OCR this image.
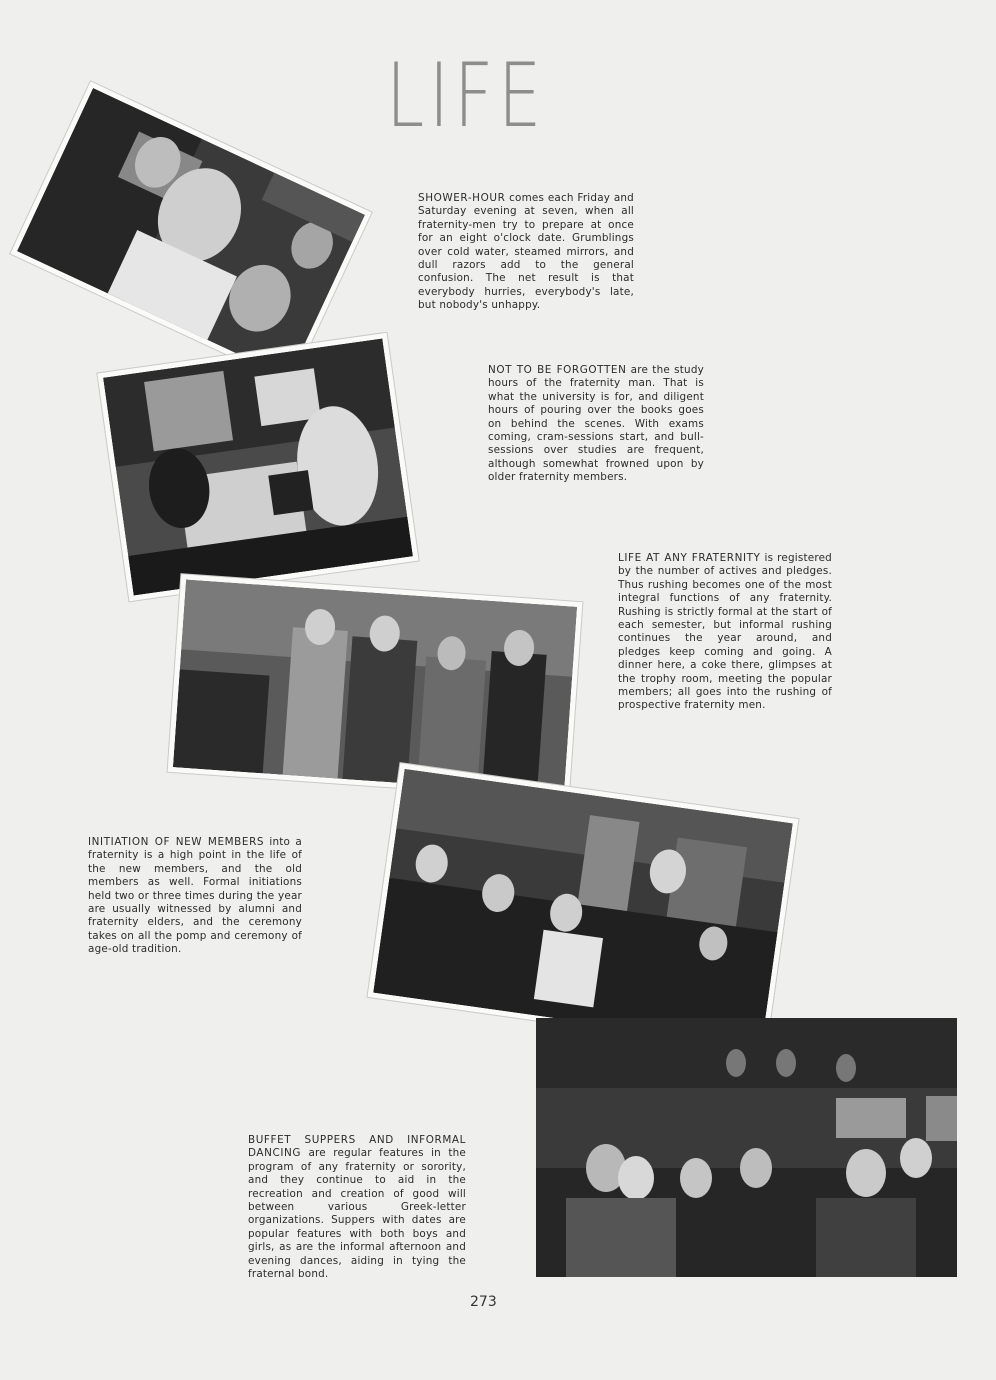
LIFE
SHOWER-HOUR comes each Friday and Saturday evening at seven, when all fraternity-men try to prepare at once for an eight o'clock date. Grumblings over cold water, steamed mirrors, and dull razors add to the general confusion. The net result is that everybody hurries, everybody's late, but nobody's unhappy.
NOT TO BE FORGOTTEN are the study hours of the fraternity man. That is what the university is for, and diligent hours of pouring over the books goes on behind the scenes. With exams coming, cram-sessions start, and bull-sessions over studies are frequent, although somewhat frowned upon by older fraternity members.
LIFE AT ANY FRATERNITY is registered by the number of actives and pledges. Thus rushing becomes one of the most integral functions of any fraternity. Rushing is strictly formal at the start of each semester, but informal rushing continues the year around, and pledges keep coming and going. A dinner here, a coke there, glimpses at the trophy room, meeting the popular members; all goes into the rushing of prospective fraternity men.
INITIATION OF NEW MEMBERS into a fraternity is a high point in the life of the new members, and the old members as well. Formal initiations held two or three times during the year are usually witnessed by alumni and fraternity elders, and the ceremony takes on all the pomp and ceremony of age-old tradition.
BUFFET SUPPERS AND INFORMAL DANCING are regular features in the program of any fraternity or sorority, and they continue to aid in the recreation and creation of good will between various Greek-letter organizations. Suppers with dates are popular features with both boys and girls, as are the informal afternoon and evening dances, aiding in tying the fraternal bond.
273
